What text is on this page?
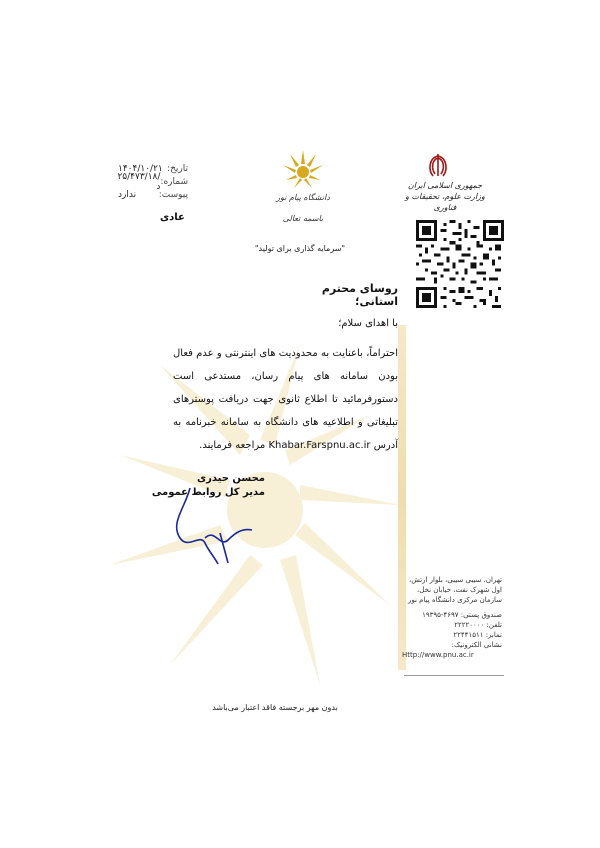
تاریخ:
۱۴۰۴/۱۰/۲۱
شماره:
۲۵/۴۷۳/۱۸/د
پیوست:
ندارد
عادی
دانشگاه پیام نور
باسمه تعالی
جمهوری اسلامی ایران
وزارت علوم، تحقیقات و فناوری
"سرمایه گذاری برای تولید"
روسای محترم استانی؛
با اهدای سلام؛
احتراماً، باعنایت به محدودیت های اینترنتی و عدم فعال بودن سامانه های پیام رسان، مستدعی است دستورفرمائید تا اطلاع ثانوی جهت دریافت پوسترهای تبلیغاتی و اطلاعیه های دانشگاه به سامانه خبرنامه به آدرس Khabar.Farspnu.ac.ir مراجعه فرمایند.
محسن حیدری
مدیر کل روابط عمومی
تهران، سیبی سیبی، بلوار ارتش، اول شهرک نفت، خیابان نخل، سازمان مرکزی دانشگاه پیام نور
صندوق پستی: ۴۶۹۷-۱۹۳۹۵
تلفن: ۲۲۲۲۰۰۰۰
نمابر: ۲۲۴۴۱۵۱۱
نشانی الکترونیک:
Http://www.pnu.ac.ir
بدون مهر برجسته فاقد اعتبار می‌باشد
